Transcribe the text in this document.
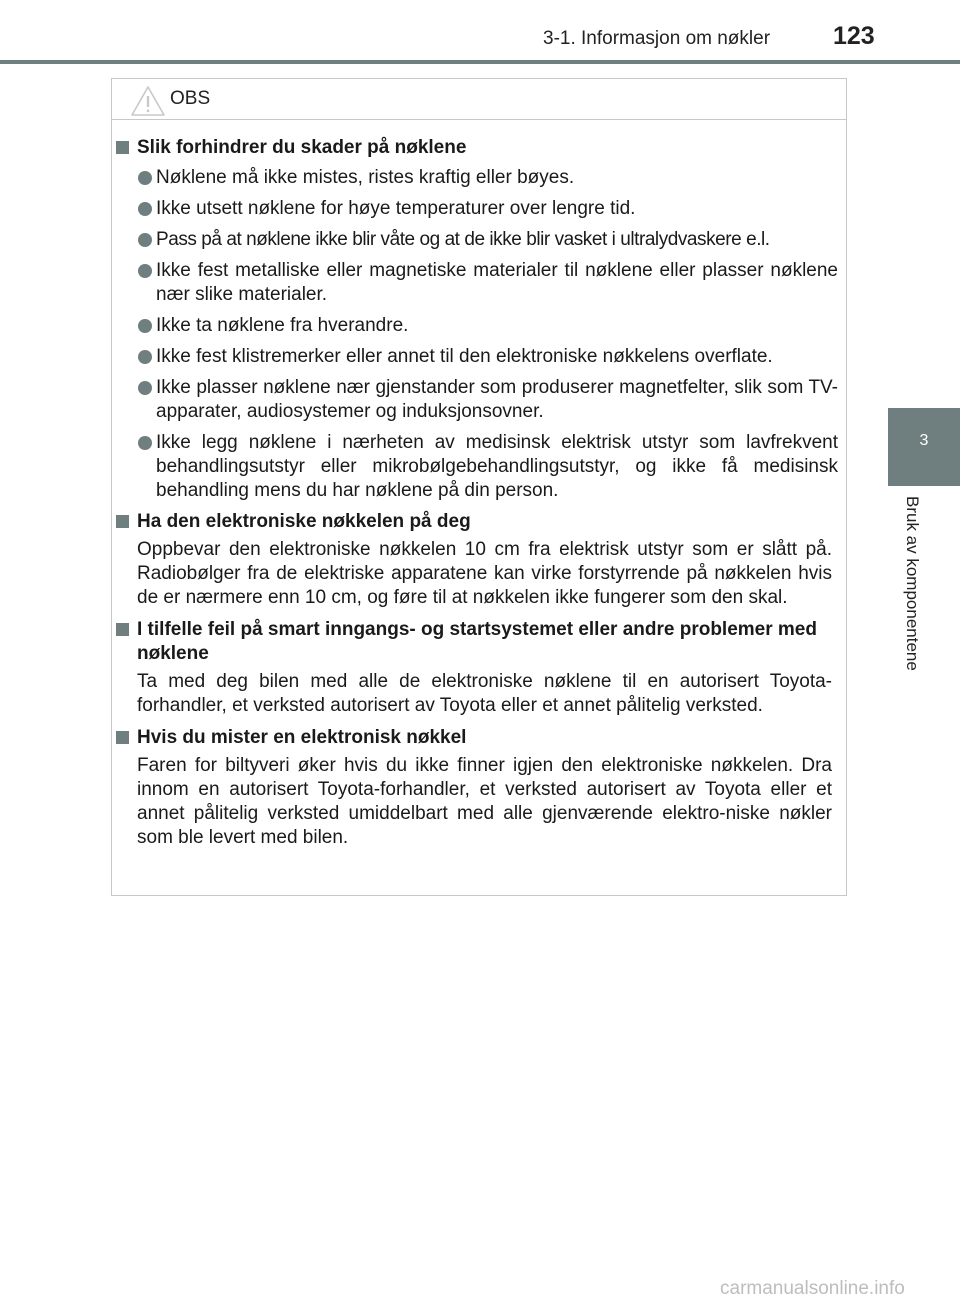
3-1. Informasjon om nøkler	123
3
Bruk av komponentene
OBS
Slik forhindrer du skader på nøklene
Nøklene må ikke mistes, ristes kraftig eller bøyes.
Ikke utsett nøklene for høye temperaturer over lengre tid.
Pass på at nøklene ikke blir våte og at de ikke blir vasket i ultralydvaskere e.l.
Ikke fest metalliske eller magnetiske materialer til nøklene eller plasser nøklene nær slike materialer.
Ikke ta nøklene fra hverandre.
Ikke fest klistremerker eller annet til den elektroniske nøkkelens overflate.
Ikke plasser nøklene nær gjenstander som produserer magnetfelter, slik som TV-apparater, audiosystemer og induksjonsovner.
Ikke legg nøklene i nærheten av medisinsk elektrisk utstyr som lavfrekvent behandlingsutstyr eller mikrobølgebehandlingsutstyr, og ikke få medisinsk behandling mens du har nøklene på din person.
Ha den elektroniske nøkkelen på deg
Oppbevar den elektroniske nøkkelen 10 cm fra elektrisk utstyr som er slått på. Radiobølger fra de elektriske apparatene kan virke forstyrrende på nøkkelen hvis de er nærmere enn 10 cm, og føre til at nøkkelen ikke fungerer som den skal.
I tilfelle feil på smart inngangs- og startsystemet eller andre problemer med nøklene
Ta med deg bilen med alle de elektroniske nøklene til en autorisert Toyota-forhandler, et verksted autorisert av Toyota eller et annet pålitelig verksted.
Hvis du mister en elektronisk nøkkel
Faren for biltyveri øker hvis du ikke finner igjen den elektroniske nøkkelen. Dra innom en autorisert Toyota-forhandler, et verksted autorisert av Toyota eller et annet pålitelig verksted umiddelbart med alle gjenværende elektro-niske nøkler som ble levert med bilen.
carmanualsonline.info
